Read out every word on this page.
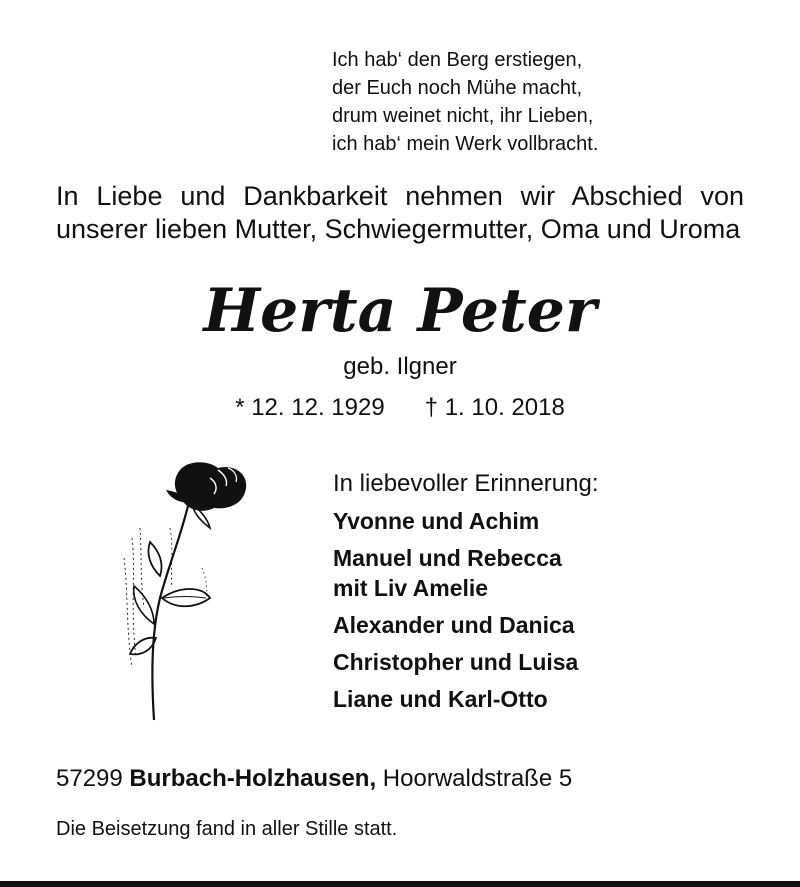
Ich hab‘ den Berg erstiegen,
der Euch noch Mühe macht,
drum weinet nicht, ihr Lieben,
ich hab‘ mein Werk vollbracht.
In Liebe und Dankbarkeit nehmen wir Abschied von unserer lieben Mutter, Schwiegermutter, Oma und Uroma
Herta Peter
geb. Ilgner
* 12. 12. 1929 † 1. 10. 2018
In liebevoller Erinnerung:
Yvonne und Achim
Manuel und Rebecca
mit Liv Amelie
Alexander und Danica
Christopher und Luisa
Liane und Karl-Otto
57299 Burbach-Holzhausen, Hoorwaldstraße 5
Die Beisetzung fand in aller Stille statt.
